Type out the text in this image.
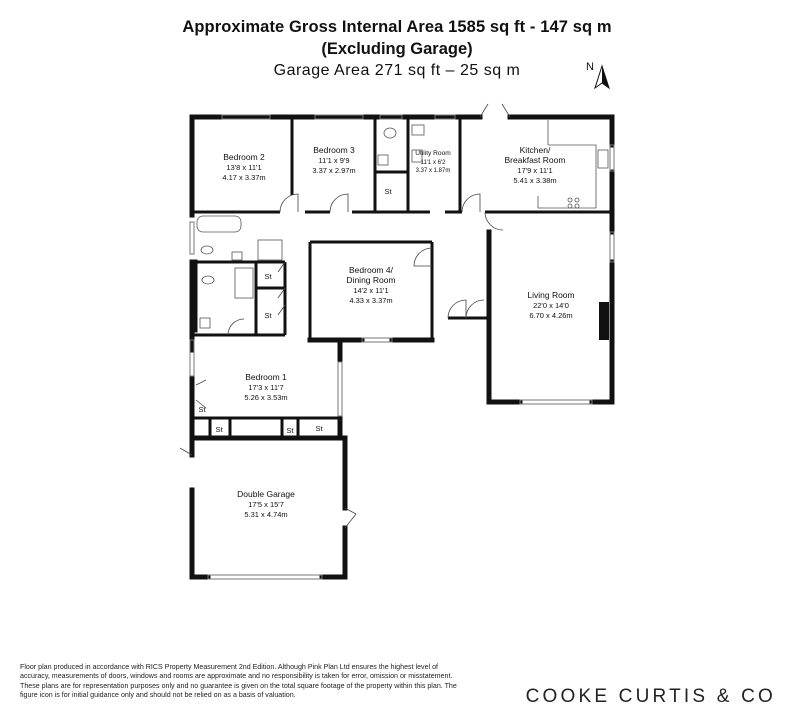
Approximate Gross Internal Area 1585 sq ft - 147 sq m
(Excluding Garage)
Garage Area 271 sq ft – 25 sq m	N
Bedroom 2
13'8 x 11'1
4.17 x 3.37m
Bedroom 3
11'1 x 9'9
3.37 x 2.97m
Utility Room
11'1 x 6'2
3.37 x 1.87m
Kitchen/
Breakfast Room
17'9 x 11'1
5.41 x 3.38m
Bedroom 4/
Dining Room
14'2 x 11'1
4.33 x 3.37m
Living Room
22'0 x 14'0
6.70 x 4.26m
Bedroom 1
17'3 x 11'7
5.26 x 3.53m
Double Garage
17'5 x 15'7
5.31 x 4.74m
St
St
St
St
St	St	St
Floor plan produced in accordance with RICS Property Measurement 2nd Edition. Although Pink Plan Ltd ensures the highest level of accuracy, measurements of doors, windows and rooms are approximate and no responsibility is taken for error, omission or misstatement. These plans are for representation purposes only and no guarantee is given on the total square footage of the property within this plan. The figure icon is for initial guidance only and should not be relied on as a basis of valuation.	COOKE CURTIS & CO
